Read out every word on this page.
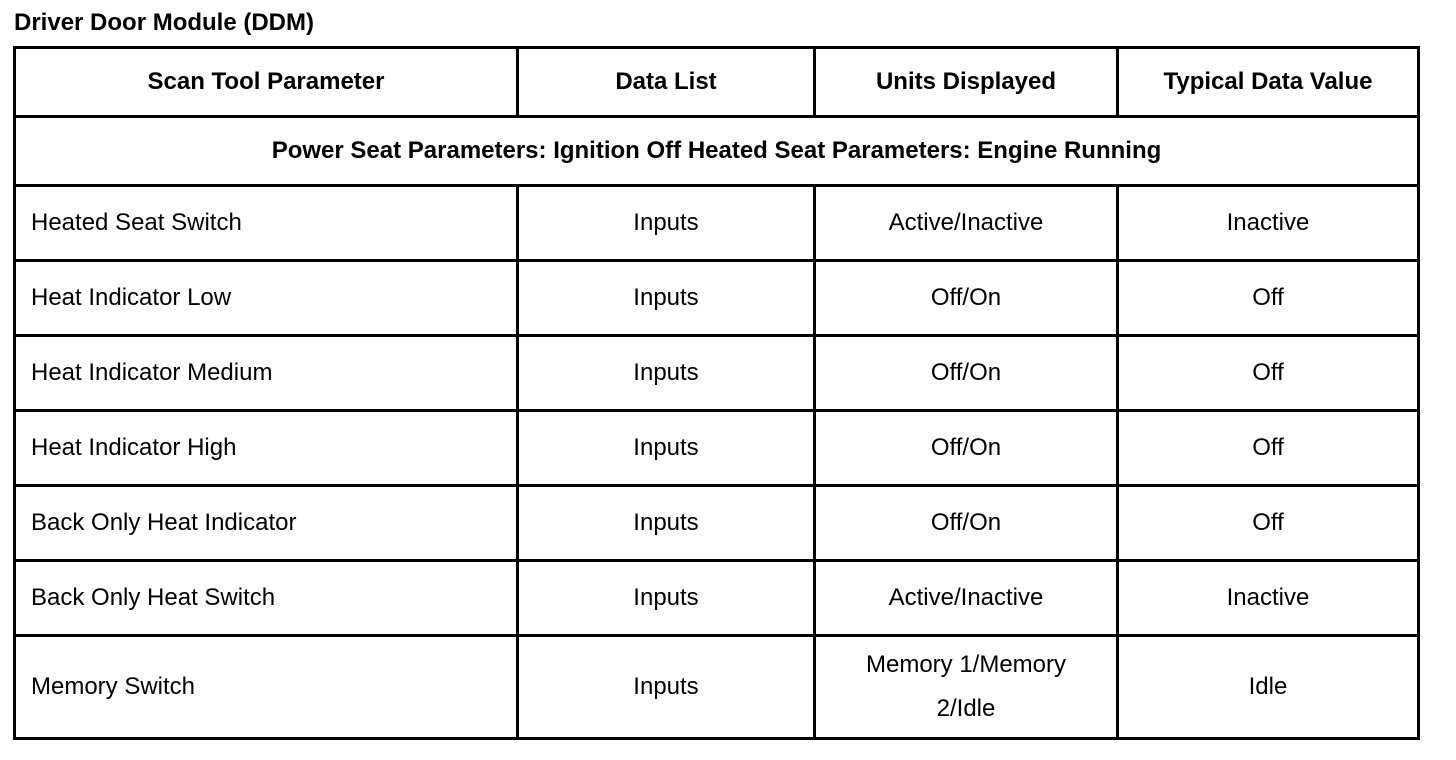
Driver Door Module (DDM)
Scan Tool Parameter	Data List	Units Displayed	Typical Data Value
Power Seat Parameters: Ignition Off Heated Seat Parameters: Engine Running			
Heated Seat Switch	Inputs	Active/Inactive	Inactive
Heat Indicator Low	Inputs	Off/On	Off
Heat Indicator Medium	Inputs	Off/On	Off
Heat Indicator High	Inputs	Off/On	Off
Back Only Heat Indicator	Inputs	Off/On	Off
Back Only Heat Switch	Inputs	Active/Inactive	Inactive
Memory Switch	Inputs	Memory 1/Memory 2/Idle	Idle
